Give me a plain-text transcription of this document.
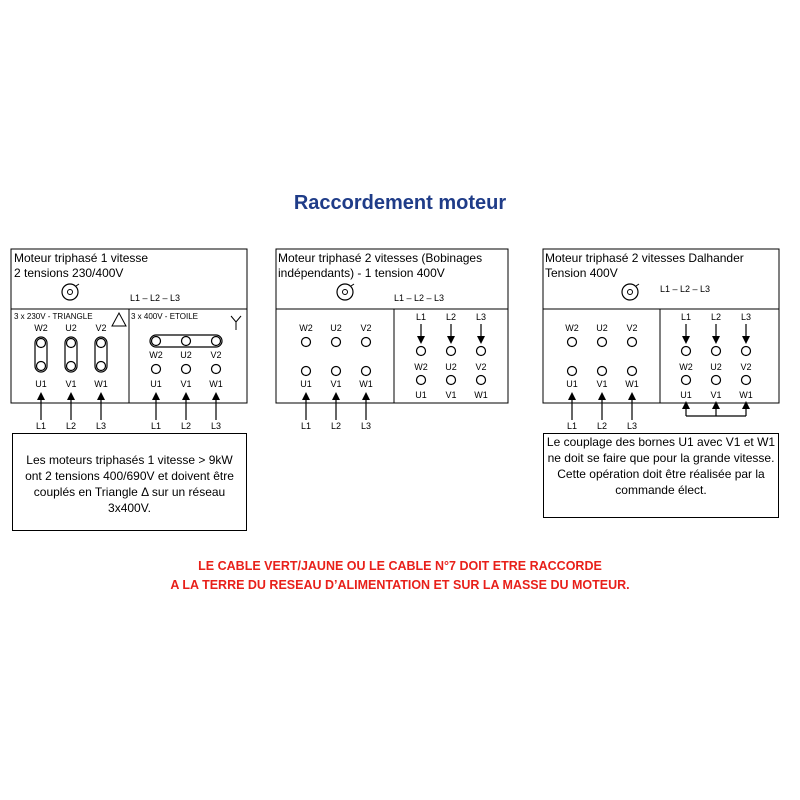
Raccordement moteur
Moteur triphasé 1 vitesse
2 tensions 230/400V
L1 – L2 – L3
3 x 230V - TRIANGLE
W2
U1
L1
U2
V1
L2
V2
W1
L3
3 x 400V - ETOILE
W2
U1
L1
U2
V1
L2
V2
W1
L3
Moteur triphasé 2 vitesses (Bobinages
indépendants) - 1 tension 400V
L1 – L2 – L3
W2
U1
L1
U2
V1
L2
V2
W1
L3
L1
W2
U1
L2
U2
V1
L3
V2
W1
Moteur triphasé 2 vitesses Dalhander
Tension 400V
L1 – L2 – L3
W2
U1
L1
U2
V1
L2
V2
W1
L3
L1
W2
U1
L2
U2
V1
L3
V2
W1
Les moteurs triphasés 1 vitesse > 9kW ont 2 tensions 400/690V et doivent être couplés en Triangle Δ sur un réseau 3x400V.
Le couplage des bornes U1 avec V1 et W1 ne doit se faire que pour la grande vitesse. Cette opération doit être réalisée par la commande élect.
LE CABLE VERT/JAUNE OU LE CABLE N°7 DOIT ETRE RACCORDE
A LA TERRE DU RESEAU D’ALIMENTATION ET SUR LA MASSE DU MOTEUR.
